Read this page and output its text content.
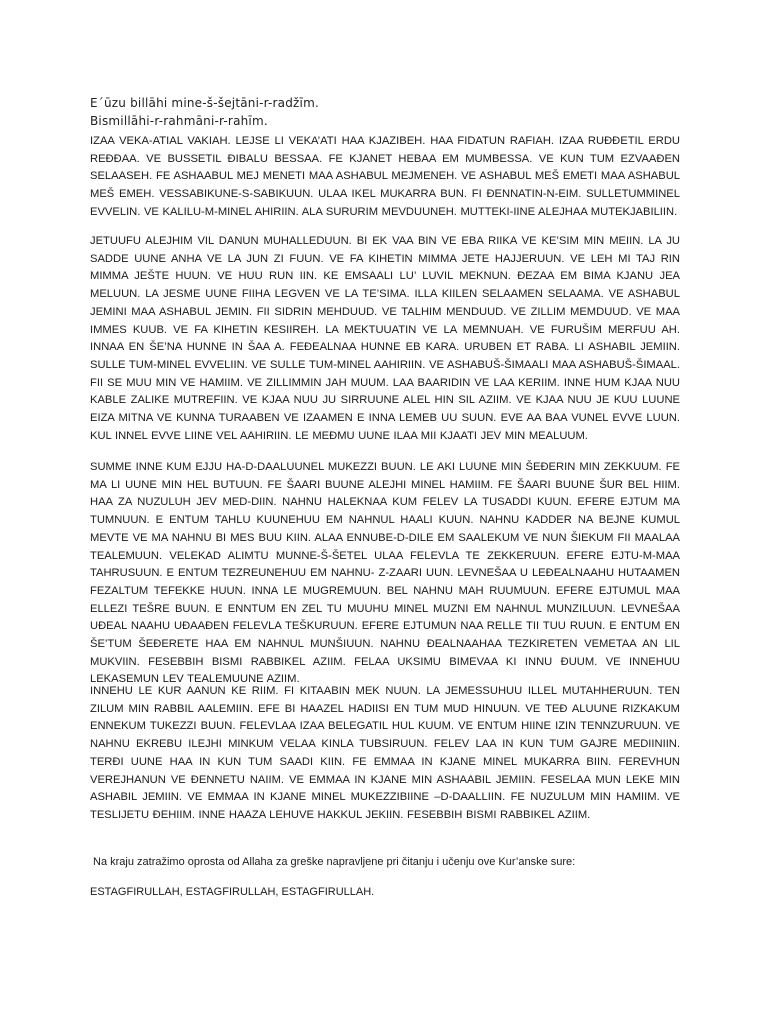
E´ūzu billāhi mine-š-šejtāni-r-radžīm.
Bismillāhi-r-rahmāni-r-rahīm.
IZAA VEKA-ATIAL VAKIAH. LEJSE LI VEKA’ATI HAA KJAZIBEH. HAA FIDATUN RAFIAH. IZAA RUĐĐETIL ERDU REĐĐAA. VE BUSSETIL ĐIBALU BESSAA. FE KJANET HEBAA EM MUMBESSA. VE KUN TUM EZVAAĐEN SELAASEH. FE ASHAABUL MEJ MENETI MAA ASHABUL MEJMENEH. VE ASHABUL MEŠ EMETI MAA ASHABUL MEŠ EMEH. VESSABIKUNE-S-SABIKUUN. ULAA IKEL MUKARRA BUN. FI ĐENNATIN-N-EIM. SULLETUMMINEL EVVELIN. VE KALILU-M-MINEL AHIRIIN. ALA SURURIM MEVDUUNEH. MUTTEKI-IINE ALEJHAA MUTEKJABILIIN.
JETUUFU ALEJHIM VIL DANUN MUHALLEDUUN. BI EK VAA BIN VE EBA RIIKA VE KE’SIM MIN MEIIN. LA JU SADDE UUNE ANHA VE LA JUN ZI FUUN. VE FA KIHETIN MIMMA JETE HAJJERUUN. VE LEH MI TAJ RIN MIMMA JEŠTE HUUN. VE HUU RUN IIN. KE EMSAALI LU’ LUVIL MEKNUN. ĐEZAA EM BIMA KJANU JEA MELUUN. LA JESME UUNE FIIHA LEGVEN VE LA TE’SIMA. ILLA KIILEN SELAAMEN SELAAMA. VE ASHABUL JEMINI MAA ASHABUL JEMIN. FII SIDRIN MEHDUUD. VE TALHIM MENDUUD. VE ZILLIM MEMDUUD. VE MAA IMMES KUUB. VE FA KIHETIN KESIIREH. LA MEKTUUATIN VE LA MEMNUAH. VE FURUŠIM MERFUU AH. INNAA EN ŠE’NA HUNNE IN ŠAA A. FEĐEALNAA HUNNE EB KARA. URUBEN ET RABA. LI ASHABIL JEMIIN. SULLE TUM-MINEL EVVELIIN. VE SULLE TUM-MINEL AAHIRIIN. VE ASHABUŠ-ŠIMAALI MAA ASHABUŠ-ŠIMAAL. FII SE MUU MIN VE HAMIIM. VE ZILLIMMIN JAH MUUM. LAA BAARIDIN VE LAA KERIIM. INNE HUM KJAA NUU KABLE ZALIKE MUTREFIIN. VE KJAA NUU JU SIRRUUNE ALEL HIN SIL AZIIM. VE KJAA NUU JE KUU LUUNE EIZA MITNA VE KUNNA TURAABEN VE IZAAMEN E INNA LEMEB UU SUUN. EVE AA BAA VUNEL EVVE LUUN. KUL INNEL EVVE LIINE VEL AAHIRIIN. LE MEĐMU UUNE ILAA MII KJAATI JEV MIN MEALUUM.
SUMME INNE KUM EJJU HA-D-DAALUUNEL MUKEZZI BUUN. LE AKI LUUNE MIN ŠEĐERIN MIN ZEKKUUM. FE MA LI UUNE MIN HEL BUTUUN. FE ŠAARI BUUNE ALEJHI MINEL HAMIIM. FE ŠAARI BUUNE ŠUR BEL HIIM. HAA ZA NUZULUH JEV MED-DIIN. NAHNU HALEKNAA KUM FELEV LA TUSADDI KUUN. EFERE EJTUM MA TUMNUUN. E ENTUM TAHLU KUUNEHUU EM NAHNUL HAALI KUUN. NAHNU KADDER NA BEJNE KUMUL MEVTE VE MA NAHNU BI MES BUU KIIN. ALAA ENNUBE-D-DILE EM SAALEKUM VE NUN ŠIEKUM FII MAALAA TEALEMUUN. VELEKAD ALIMTU MUNNE-Š-ŠETEL ULAA FELEVLA TE ZEKKERUUN. EFERE EJTU-M-MAA TAHRUSUUN. E ENTUM TEZREUNEHUU EM NAHNU- Z-ZAARI UUN. LEVNEŠAA U LEĐEALNAAHU HUTAAMEN FEZALTUM TEFEKKE HUUN. INNA LE MUGREMUUN. BEL NAHNU MAH RUUMUUN. EFERE EJTUMUL MAA ELLEZI TEŠRE BUUN. E ENNTUM EN ZEL TU MUUHU MINEL MUZNI EM NAHNUL MUNZILUUN. LEVNEŠAA UĐEAL NAAHU UĐAAĐEN FELEVLA TEŠKURUUN. EFERE EJTUMUN NAA RELLE TII TUU RUUN. E ENTUM EN ŠE’TUM ŠEĐERETE HAA EM NAHNUL MUNŠIUUN. NAHNU ĐEALNAAHAA TEZKIRETEN VEMETAA AN LIL MUKVIIN. FESEBBIH BISMI RABBIKEL AZIIM. FELAA UKSIMU BIMEVAA KI INNU ĐUUM. VE INNEHUU LEKASEMUN LEV TEALEMUUNE AZIIM.
INNEHU LE KUR AANUN KE RIIM. FI KITAABIN MEK NUUN. LA JEMESSUHUU ILLEL MUTAHHERUUN. TEN ZILUM MIN RABBIL AALEMIIN. EFE BI HAAZEL HADIISI EN TUM MUD HINUUN. VE TEĐ ALUUNE RIZKAKUM ENNEKUM TUKEZZI BUUN. FELEVLAA IZAA BELEGATIL HUL KUUM. VE ENTUM HIINE IZIN TENNZURUUN. VE NAHNU EKREBU ILEJHI MINKUM VELAA KINLA TUBSIRUUN. FELEV LAA IN KUN TUM GAJRE MEDIINIIN. TERĐI UUNE HAA IN KUN TUM SAADI KIIN. FE EMMAA IN KJANE MINEL MUKARRA BIIN. FEREVHUN VEREJHANUN VE ĐENNETU NAIIM. VE EMMAA IN KJANE MIN ASHAABIL JEMIIN. FESELAA MUN LEKE MIN ASHABIL JEMIIN. VE EMMAA IN KJANE MINEL MUKEZZIBIINE –D-DAALLIIN. FE NUZULUM MIN HAMIIM. VE TESLIJETU ĐEHIIM. INNE HAAZA LEHUVE HAKKUL JEKIIN. FESEBBIH BISMI RABBIKEL AZIIM.
Na kraju zatražimo oprosta od Allaha za greške napravljene pri čitanju i učenju ove Kur’anske sure:
ESTAGFIRULLAH, ESTAGFIRULLAH, ESTAGFIRULLAH.
